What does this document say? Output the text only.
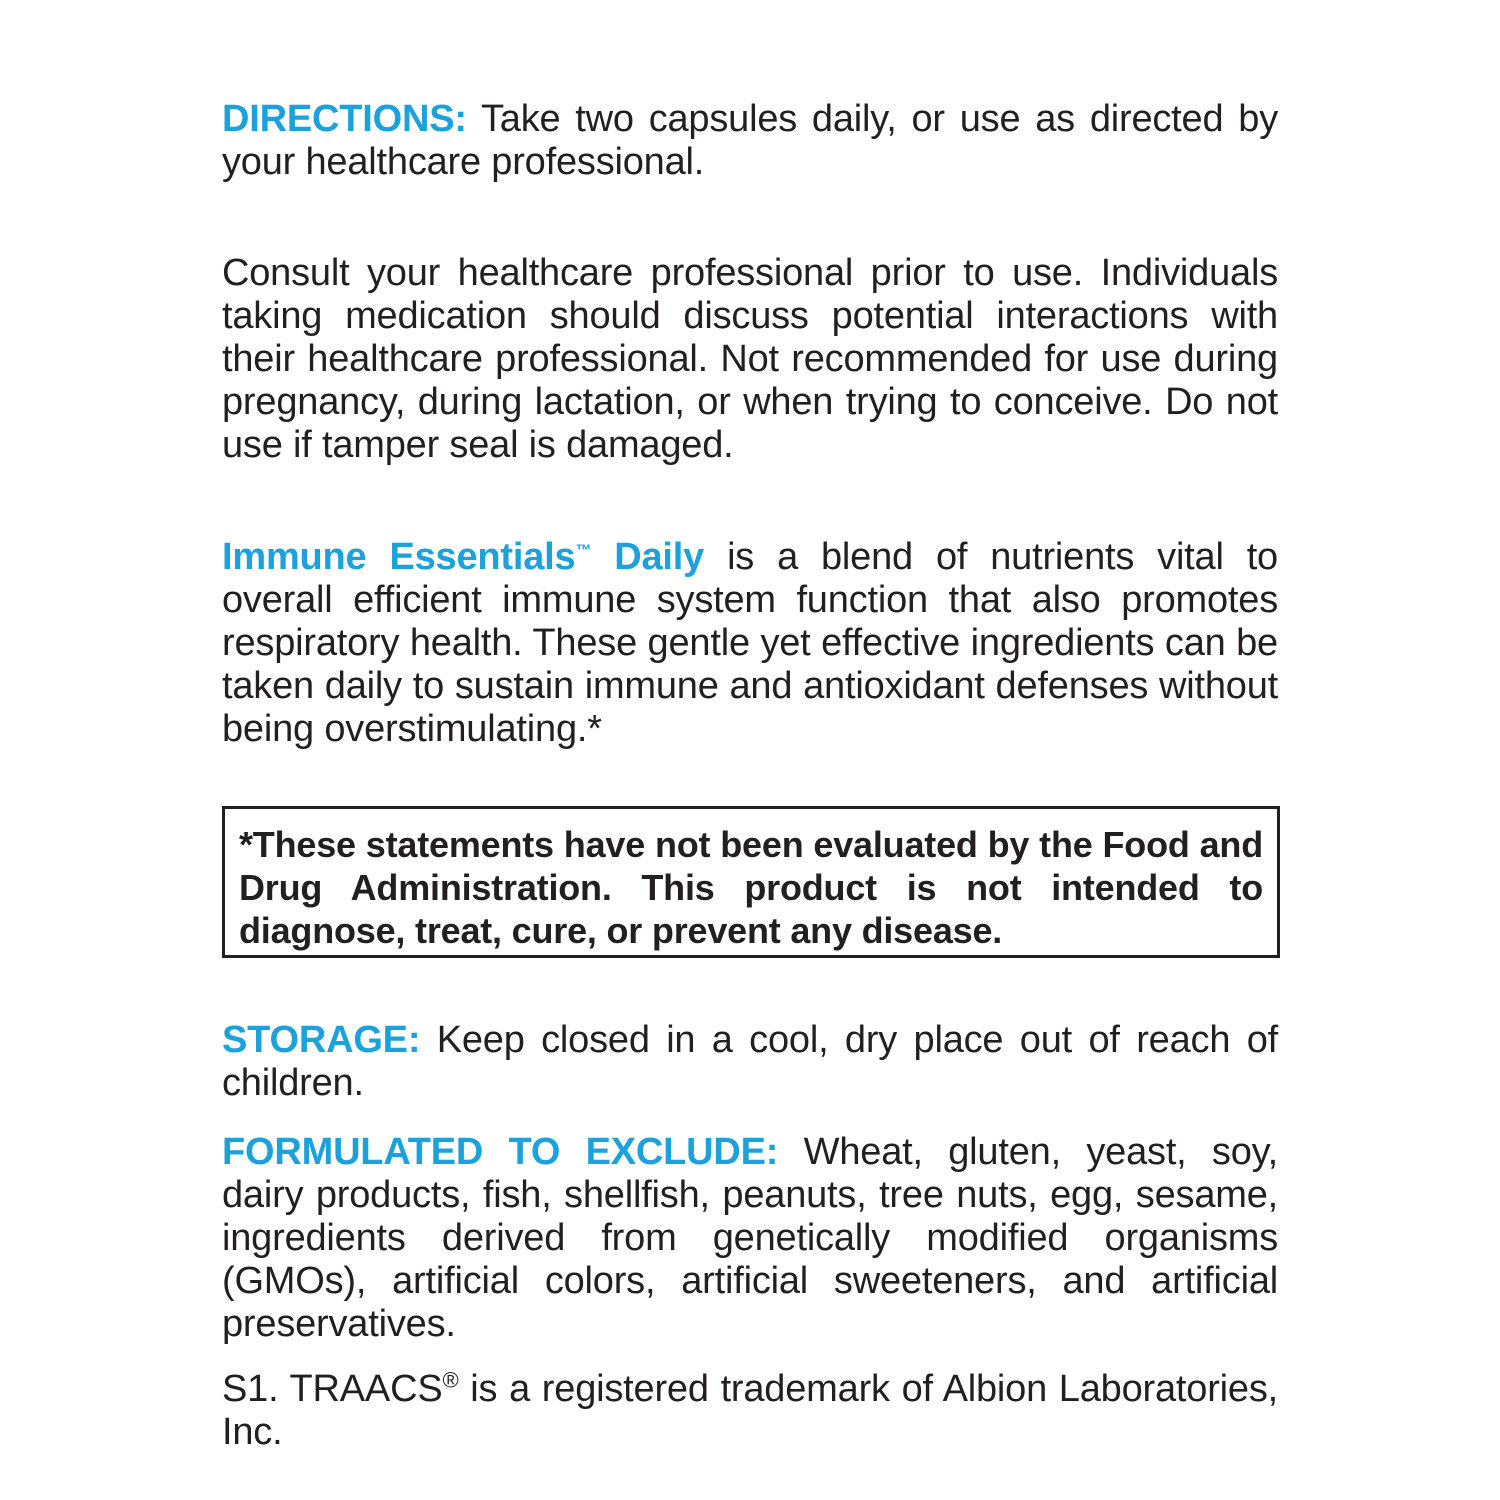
DIRECTIONS: Take two capsules daily, or use as directed by your healthcare professional.
Consult your healthcare professional prior to use. Individuals taking medication should discuss potential interactions with their healthcare professional. Not recommended for use during pregnancy, during lactation, or when trying to conceive. Do not use if tamper seal is damaged.
Immune Essentials™ Daily is a blend of nutrients vital to overall efficient immune system function that also promotes respiratory health. These gentle yet effective ingredients can be taken daily to sustain immune and antioxidant defenses without being overstimulating.*
*These statements have not been evaluated by the Food and Drug Administration. This product is not intended to diagnose, treat, cure, or prevent any disease.
STORAGE: Keep closed in a cool, dry place out of reach of children.
FORMULATED TO EXCLUDE: Wheat, gluten, yeast, soy, dairy products, fish, shellfish, peanuts, tree nuts, egg, sesame, ingredients derived from genetically modified organisms (GMOs), artificial colors, artificial sweeteners, and artificial preservatives.
S1. TRAACS® is a registered trademark of Albion Laboratories, Inc.
